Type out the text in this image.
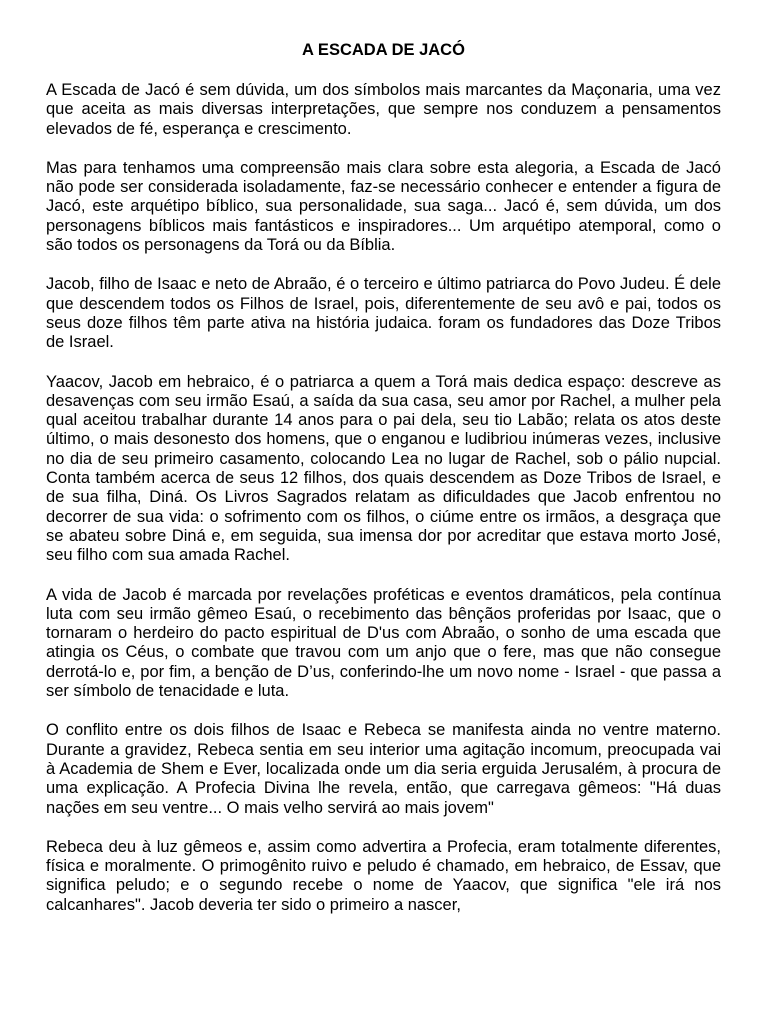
A ESCADA DE JACÓ

A Escada de Jacó é sem dúvida, um dos símbolos mais marcantes da Maçonaria, uma vez que aceita as mais diversas interpretações, que sempre nos conduzem a pensamentos elevados de fé, esperança e crescimento.

Mas para tenhamos uma compreensão mais clara sobre esta alegoria, a Escada de Jacó não pode ser considerada isoladamente, faz-se necessário conhecer e entender a figura de Jacó, este arquétipo bíblico, sua personalidade, sua saga... Jacó é, sem dúvida, um dos personagens bíblicos mais fantásticos e inspiradores... Um arquétipo atemporal, como o são todos os personagens da Torá ou da Bíblia.

Jacob, filho de Isaac e neto de Abraão, é o terceiro e último patriarca do Povo Judeu. É dele que descendem todos os Filhos de Israel, pois, diferentemente de seu avô e pai, todos os seus doze filhos têm parte ativa na história judaica. foram os fundadores das Doze Tribos de Israel.

Yaacov, Jacob em hebraico, é o patriarca a quem a Torá mais dedica espaço: descreve as desavenças com seu irmão Esaú, a saída da sua casa, seu amor por Rachel, a mulher pela qual aceitou trabalhar durante 14 anos para o pai dela, seu tio Labão; relata os atos deste último, o mais desonesto dos homens, que o enganou e ludibriou inúmeras vezes, inclusive no dia de seu primeiro casamento, colocando Lea no lugar de Rachel, sob o pálio nupcial. Conta também acerca de seus 12 filhos, dos quais descendem as Doze Tribos de Israel, e de sua filha, Diná. Os Livros Sagrados relatam as dificuldades que Jacob enfrentou no decorrer de sua vida: o sofrimento com os filhos, o ciúme entre os irmãos, a desgraça que se abateu sobre Diná e, em seguida, sua imensa dor por acreditar que estava morto José, seu filho com sua amada Rachel.

A vida de Jacob é marcada por revelações proféticas e eventos dramáticos, pela contínua luta com seu irmão gêmeo Esaú, o recebimento das bênçãos proferidas por Isaac, que o tornaram o herdeiro do pacto espiritual de D'us com Abraão, o sonho de uma escada que atingia os Céus, o combate que travou com um anjo que o fere, mas que não consegue derrotá-lo e, por fim, a benção de D’us, conferindo-lhe um novo nome - Israel - que passa a ser símbolo de tenacidade e luta.

O conflito entre os dois filhos de Isaac e Rebeca se manifesta ainda no ventre materno. Durante a gravidez, Rebeca sentia em seu interior uma agitação incomum, preocupada vai à Academia de Shem e Ever, localizada onde um dia seria erguida Jerusalém, à procura de uma explicação. A Profecia Divina lhe revela, então, que carregava gêmeos: "Há duas nações em seu ventre... O mais velho servirá ao mais jovem"

Rebeca deu à luz gêmeos e, assim como advertira a Profecia, eram totalmente diferentes, física e moralmente. O primogênito ruivo e peludo é chamado, em hebraico, de Essav, que significa peludo; e o segundo recebe o nome de Yaacov, que significa "ele irá nos calcanhares". Jacob deveria ter sido o primeiro a nascer,
